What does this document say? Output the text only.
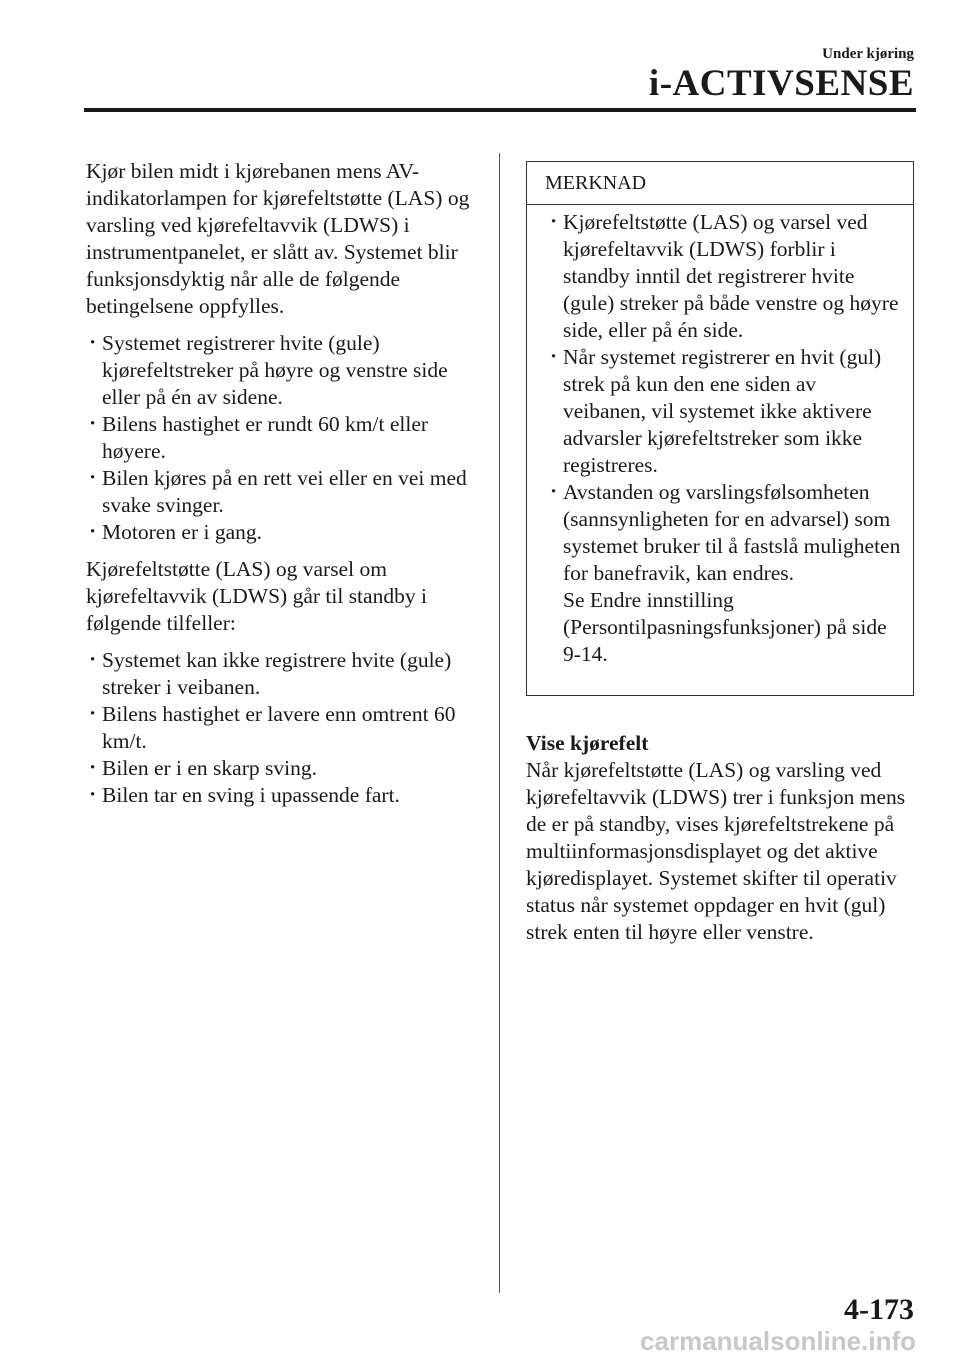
Under kjøring
i-ACTIVSENSE

Kjør bilen midt i kjørebanen mens AV-indikatorlampen for kjørefeltstøtte (LAS) og varsling ved kjørefeltavvik (LDWS) i instrumentpanelet, er slått av. Systemet blir funksjonsdyktig når alle de følgende betingelsene oppfylles.

· Systemet registrerer hvite (gule) kjørefeltstreker på høyre og venstre side eller på én av sidene.
· Bilens hastighet er rundt 60 km/t eller høyere.
· Bilen kjøres på en rett vei eller en vei med svake svinger.
· Motoren er i gang.

Kjørefeltstøtte (LAS) og varsel om kjørefeltavvik (LDWS) går til standby i følgende tilfeller:

· Systemet kan ikke registrere hvite (gule) streker i veibanen.
· Bilens hastighet er lavere enn omtrent 60 km/t.
· Bilen er i en skarp sving.
· Bilen tar en sving i upassende fart.
MERKNAD
· Kjørefeltstøtte (LAS) og varsel ved kjørefeltavvik (LDWS) forblir i standby inntil det registrerer hvite (gule) streker på både venstre og høyre side, eller på én side.
· Når systemet registrerer en hvit (gul) strek på kun den ene siden av veibanen, vil systemet ikke aktivere advarsler kjørefeltstreker som ikke registreres.
· Avstanden og varslingsfølsomheten (sannsynligheten for en advarsel) som systemet bruker til å fastslå muligheten for banefravik, kan endres.
Se Endre innstilling (Persontilpasningsfunksjoner) på side 9-14.

Vise kjørefelt

Når kjørefeltstøtte (LAS) og varsling ved kjørefeltavvik (LDWS) trer i funksjon mens de er på standby, vises kjørefeltstrekene på multiinformasjonsdisplayet og det aktive kjøredisplayet. Systemet skifter til operativ status når systemet oppdager en hvit (gul) strek enten til høyre eller venstre.

4-173
carmanualsonline.info
